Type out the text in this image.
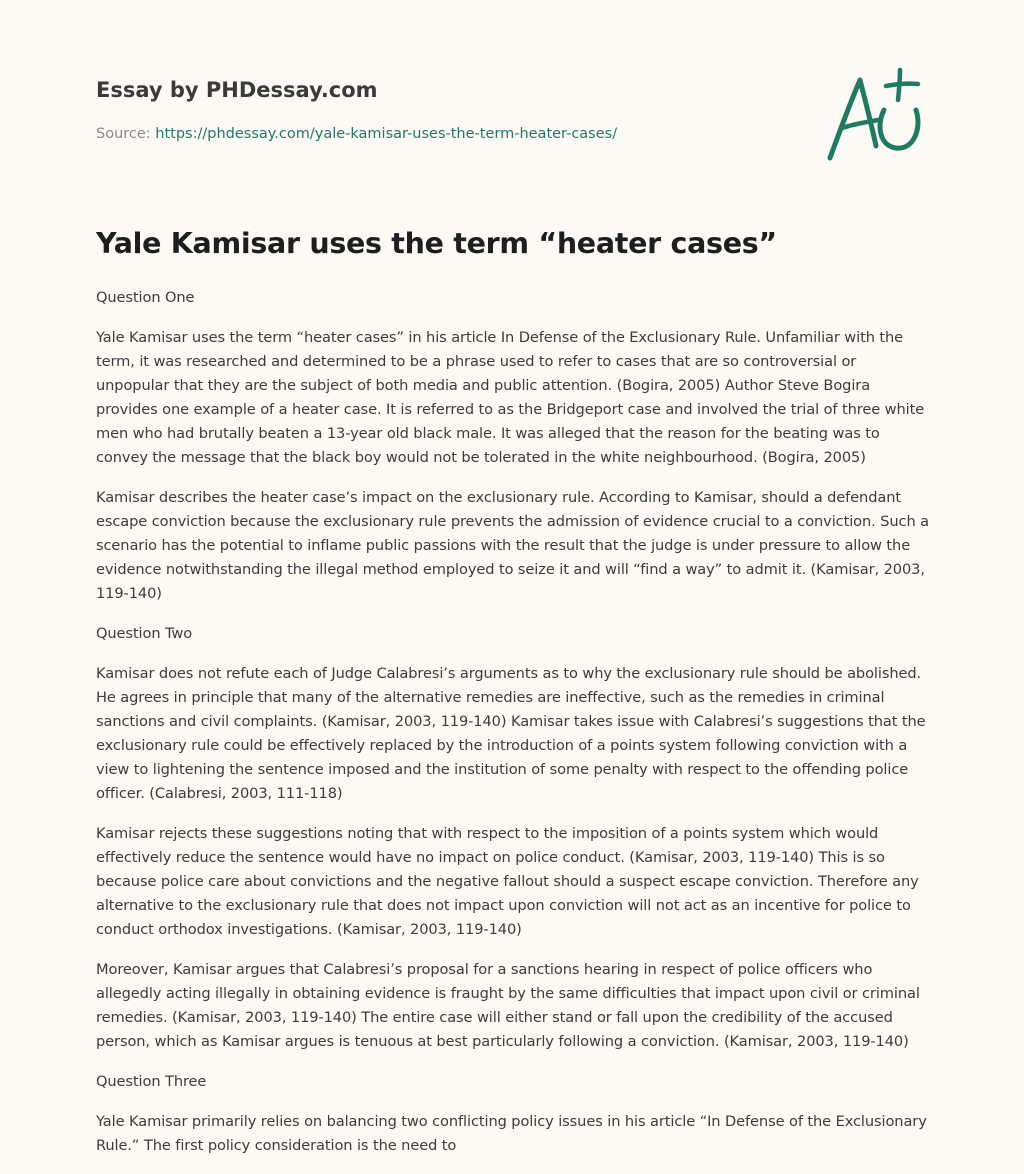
Essay by PHDessay.com
Source: https://phdessay.com/yale-kamisar-uses-the-term-heater-cases/
Yale Kamisar uses the term “heater cases”

Question One

Yale Kamisar uses the term “heater cases” in his article In Defense of the Exclusionary Rule. Unfamiliar with the term, it was researched and determined to be a phrase used to refer to cases that are so controversial or unpopular that they are the subject of both media and public attention. (Bogira, 2005) Author Steve Bogira provides one example of a heater case. It is referred to as the Bridgeport case and involved the trial of three white men who had brutally beaten a 13-year old black male. It was alleged that the reason for the beating was to convey the message that the black boy would not be tolerated in the white neighbourhood. (Bogira, 2005)

Kamisar describes the heater case’s impact on the exclusionary rule. According to Kamisar, should a defendant escape conviction because the exclusionary rule prevents the admission of evidence crucial to a conviction. Such a scenario has the potential to inflame public passions with the result that the judge is under pressure to allow the evidence notwithstanding the illegal method employed to seize it and will “find a way” to admit it. (Kamisar, 2003, 119-140)

Question Two

Kamisar does not refute each of Judge Calabresi’s arguments as to why the exclusionary rule should be abolished. He agrees in principle that many of the alternative remedies are ineffective, such as the remedies in criminal sanctions and civil complaints. (Kamisar, 2003, 119-140) Kamisar takes issue with Calabresi’s suggestions that the exclusionary rule could be effectively replaced by the introduction of a points system following conviction with a view to lightening the sentence imposed and the institution of some penalty with respect to the offending police officer. (Calabresi, 2003, 111-118)

Kamisar rejects these suggestions noting that with respect to the imposition of a points system which would effectively reduce the sentence would have no impact on police conduct. (Kamisar, 2003, 119-140) This is so because police care about convictions and the negative fallout should a suspect escape conviction. Therefore any alternative to the exclusionary rule that does not impact upon conviction will not act as an incentive for police to conduct orthodox investigations. (Kamisar, 2003, 119-140)

Moreover, Kamisar argues that Calabresi’s proposal for a sanctions hearing in respect of police officers who allegedly acting illegally in obtaining evidence is fraught by the same difficulties that impact upon civil or criminal remedies. (Kamisar, 2003, 119-140) The entire case will either stand or fall upon the credibility of the accused person, which as Kamisar argues is tenuous at best particularly following a conviction. (Kamisar, 2003, 119-140)

Question Three

Yale Kamisar primarily relies on balancing two conflicting policy issues in his article “In Defense of the Exclusionary Rule.” The first policy consideration is the need to
